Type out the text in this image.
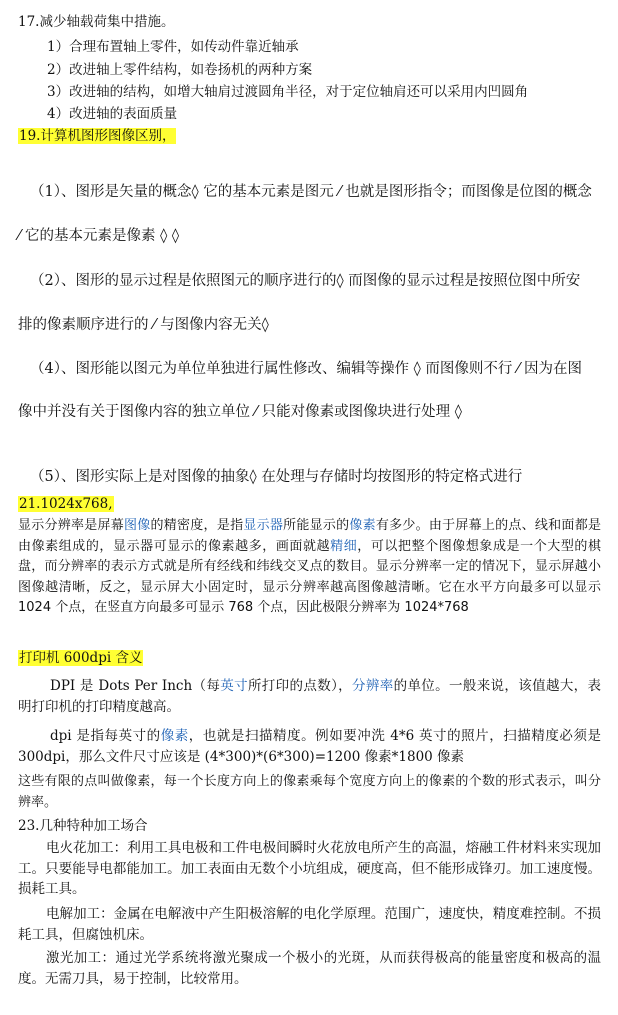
17.减少轴载荷集中措施。
1）合理布置轴上零件，如传动件靠近轴承
2）改进轴上零件结构，如卷扬机的两种方案
3）改进轴的结构，如增大轴肩过渡圆角半径，对于定位轴肩还可以采用内凹圆角
4）改进轴的表面质量
19.计算机图形图像区别，
（1）、图形是矢量的概念◊ 它的基本元素是图元 ⁄ 也就是图形指令；而图像是位图的概念
⁄ 它的基本元素是像素 ◊ ◊
（2）、图形的显示过程是依照图元的顺序进行的◊ 而图像的显示过程是按照位图中所安
排的像素顺序进行的 ⁄ 与图像内容无关◊
（4）、图形能以图元为单位单独进行属性修改、编辑等操作 ◊ 而图像则不行 ⁄ 因为在图
像中并没有关于图像内容的独立单位 ⁄ 只能对像素或图像块进行处理 ◊
（5）、图形实际上是对图像的抽象◊ 在处理与存储时均按图形的特定格式进行
21.1024x768,
显示分辨率是屏幕图像的精密度，是指显示器所能显示的像素有多少。由于屏幕上的点、线和面都是由像素组成的，显示器可显示的像素越多，画面就越精细，可以把整个图像想象成是一个大型的棋盘，而分辨率的表示方式就是所有经线和纬线交叉点的数目。显示分辨率一定的情况下，显示屏越小图像越清晰，反之，显示屏大小固定时，显示分辨率越高图像越清晰。它在水平方向最多可以显示 1024 个点，在竖直方向最多可显示 768 个点，因此极限分辨率为 1024*768
打印机 600dpi 含义
DPI 是 Dots Per Inch（每英寸所打印的点数），分辨率的单位。一般来说，该值越大，表明打印机的打印精度越高。
dpi 是指每英寸的像素，也就是扫描精度。例如要冲洗 4*6 英寸的照片，扫描精度必须是 300dpi，那么文件尺寸应该是 (4*300)*(6*300)=1200 像素*1800 像素
这些有限的点叫做像素，每一个长度方向上的像素乘每个宽度方向上的像素的个数的形式表示，叫分辨率。
23.几种特种加工场合
电火花加工：利用工具电极和工件电极间瞬时火花放电所产生的高温，熔融工件材料来实现加工。只要能导电都能加工。加工表面由无数个小坑组成，硬度高，但不能形成锋刃。加工速度慢。损耗工具。
电解加工：金属在电解液中产生阳极溶解的电化学原理。范围广，速度快，精度难控制。不损耗工具，但腐蚀机床。
激光加工：通过光学系统将激光聚成一个极小的光斑，从而获得极高的能量密度和极高的温度。无需刀具，易于控制，比较常用。
